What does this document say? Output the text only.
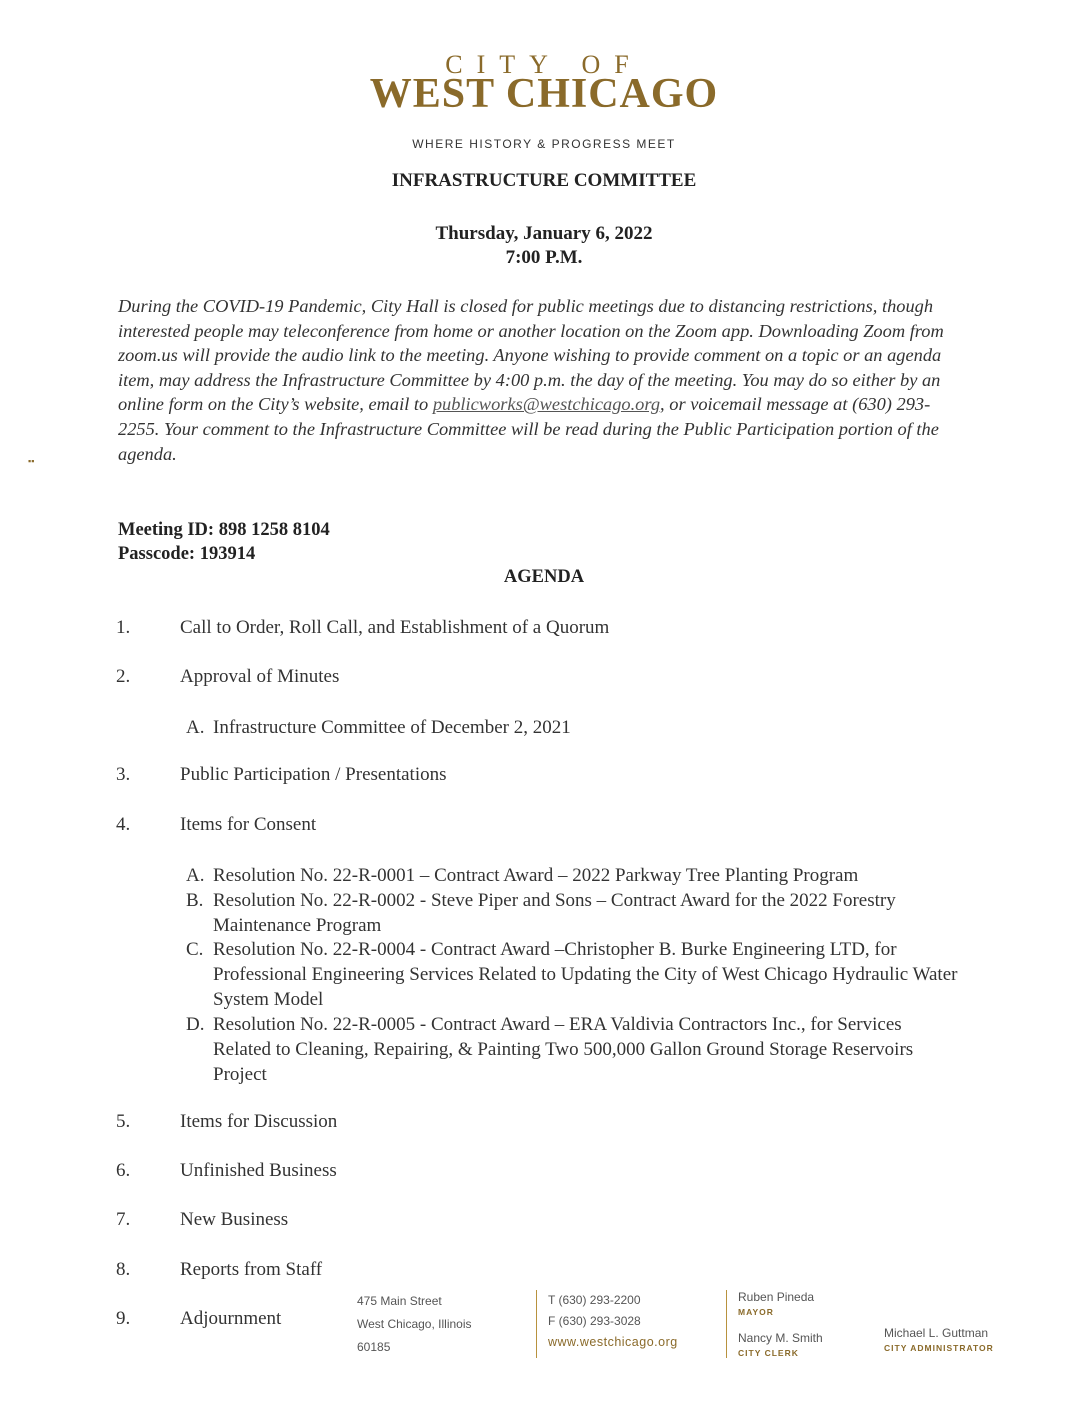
CITY OF
WEST CHICAGO
WHERE HISTORY & PROGRESS MEET
INFRASTRUCTURE COMMITTEE
Thursday, January 6, 2022
7:00 P.M.
▪▪
During the COVID-19 Pandemic, City Hall is closed for public meetings due to distancing restrictions, though interested people may teleconference from home or another location on the Zoom app. Downloading Zoom from zoom.us will provide the audio link to the meeting. Anyone wishing to provide comment on a topic or an agenda item, may address the Infrastructure Committee by 4:00 p.m. the day of the meeting. You may do so either by an online form on the City’s website, email to publicworks@westchicago.org, or voicemail message at (630) 293-2255. Your comment to the Infrastructure Committee will be read during the Public Participation portion of the agenda.
Meeting ID: 898 1258 8104
Passcode: 193914
AGENDA
1.	Call to Order, Roll Call, and Establishment of a Quorum
2.	Approval of Minutes
A. Infrastructure Committee of December 2, 2021
3.	Public Participation / Presentations
4.	Items for Consent
A. Resolution No. 22-R-0001 – Contract Award – 2022 Parkway Tree Planting Program
B. Resolution No. 22-R-0002 - Steve Piper and Sons – Contract Award for the 2022 Forestry Maintenance Program
C. Resolution No. 22-R-0004 - Contract Award –Christopher B. Burke Engineering LTD, for Professional Engineering Services Related to Updating the City of West Chicago Hydraulic Water System Model
D. Resolution No. 22-R-0005 - Contract Award – ERA Valdivia Contractors Inc., for Services Related to Cleaning, Repairing, & Painting Two 500,000 Gallon Ground Storage Reservoirs Project
5.	Items for Discussion
6.	Unfinished Business
7.	New Business
8.	Reports from Staff
9.	Adjournment
475 Main Street
West Chicago, Illinois
60185
T (630) 293-2200
F (630) 293-3028
www.westchicago.org
Ruben Pineda
MAYOR
Nancy M. Smith
CITY CLERK
Michael L. Guttman
CITY ADMINISTRATOR
